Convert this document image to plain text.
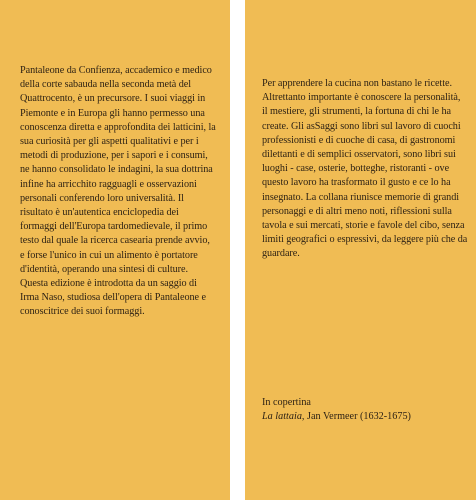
Pantaleone da Confienza, accademico e medico della corte sabauda nella seconda metà del Quattrocento, è un precursore. I suoi viaggi in Piemonte e in Europa gli hanno permesso una conoscenza diretta e approfondita dei latticini, la sua curiosità per gli aspetti qualitativi e per i metodi di produzione, per i sapori e i consumi, ne hanno consolidato le indagini, la sua dottrina infine ha arricchito ragguagli e osservazioni personali conferendo loro universalità. Il risultato è un'autentica enciclopedia dei formaggi dell'Europa tardomedievale, il primo testo dal quale la ricerca casearia prende avvio, e forse l'unico in cui un alimento è portatore d'identità, operando una sintesi di culture. Questa edizione è introdotta da un saggio di Irma Naso, studiosa dell'opera di Pantaleone e conoscitrice dei suoi formaggi.

Per apprendere la cucina non bastano le ricette. Altrettanto importante è conoscere la personalità, il mestiere, gli strumenti, la fortuna di chi le ha create. Gli asSaggi sono libri sul lavoro di cuochi professionisti e di cuoche di casa, di gastronomi dilettanti e di semplici osservatori, sono libri sui luoghi - case, osterie, botteghe, ristoranti - ove questo lavoro ha trasformato il gusto e ce lo ha insegnato. La collana riunisce memorie di grandi personaggi e di altri meno noti, riflessioni sulla tavola e sui mercati, storie e favole del cibo, senza limiti geografici o espressivi, da leggere più che da guardare.

In copertina
La lattaia, Jan Vermeer (1632-1675)
